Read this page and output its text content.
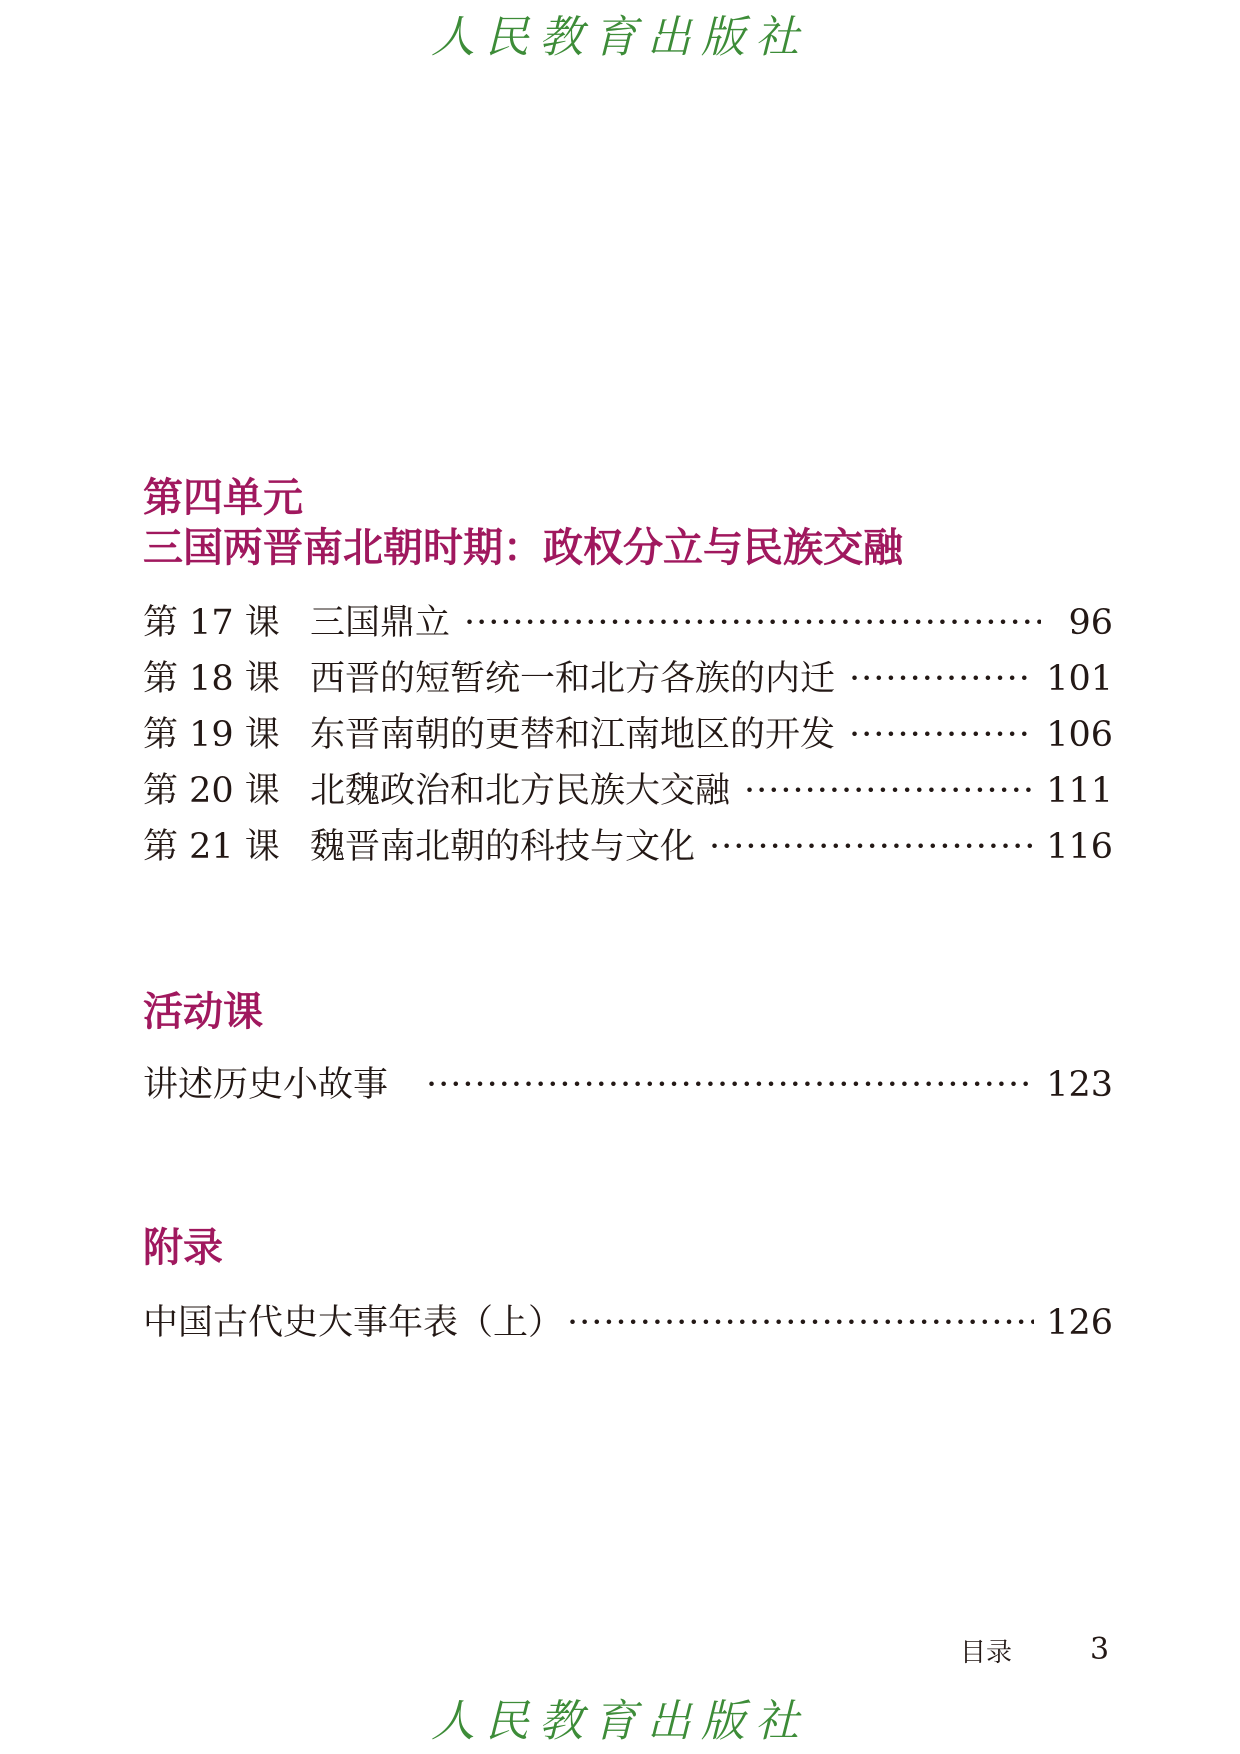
人民教育出版社
第四单元
三国两晋南北朝时期：政权分立与民族交融
第 17 课 三国鼎立 ·····	96
第 18 课 西晋的短暂统一和北方各族的内迁 ·····	101
第 19 课 东晋南朝的更替和江南地区的开发 ·····	106
第 20 课 北魏政治和北方民族大交融 ·····	111
第 21 课 魏晋南北朝的科技与文化 ·····	116
活动课
讲述历史小故事 ·····	123
附录
中国古代史大事年表（上） ·····	126
目录	3
人民教育出版社
